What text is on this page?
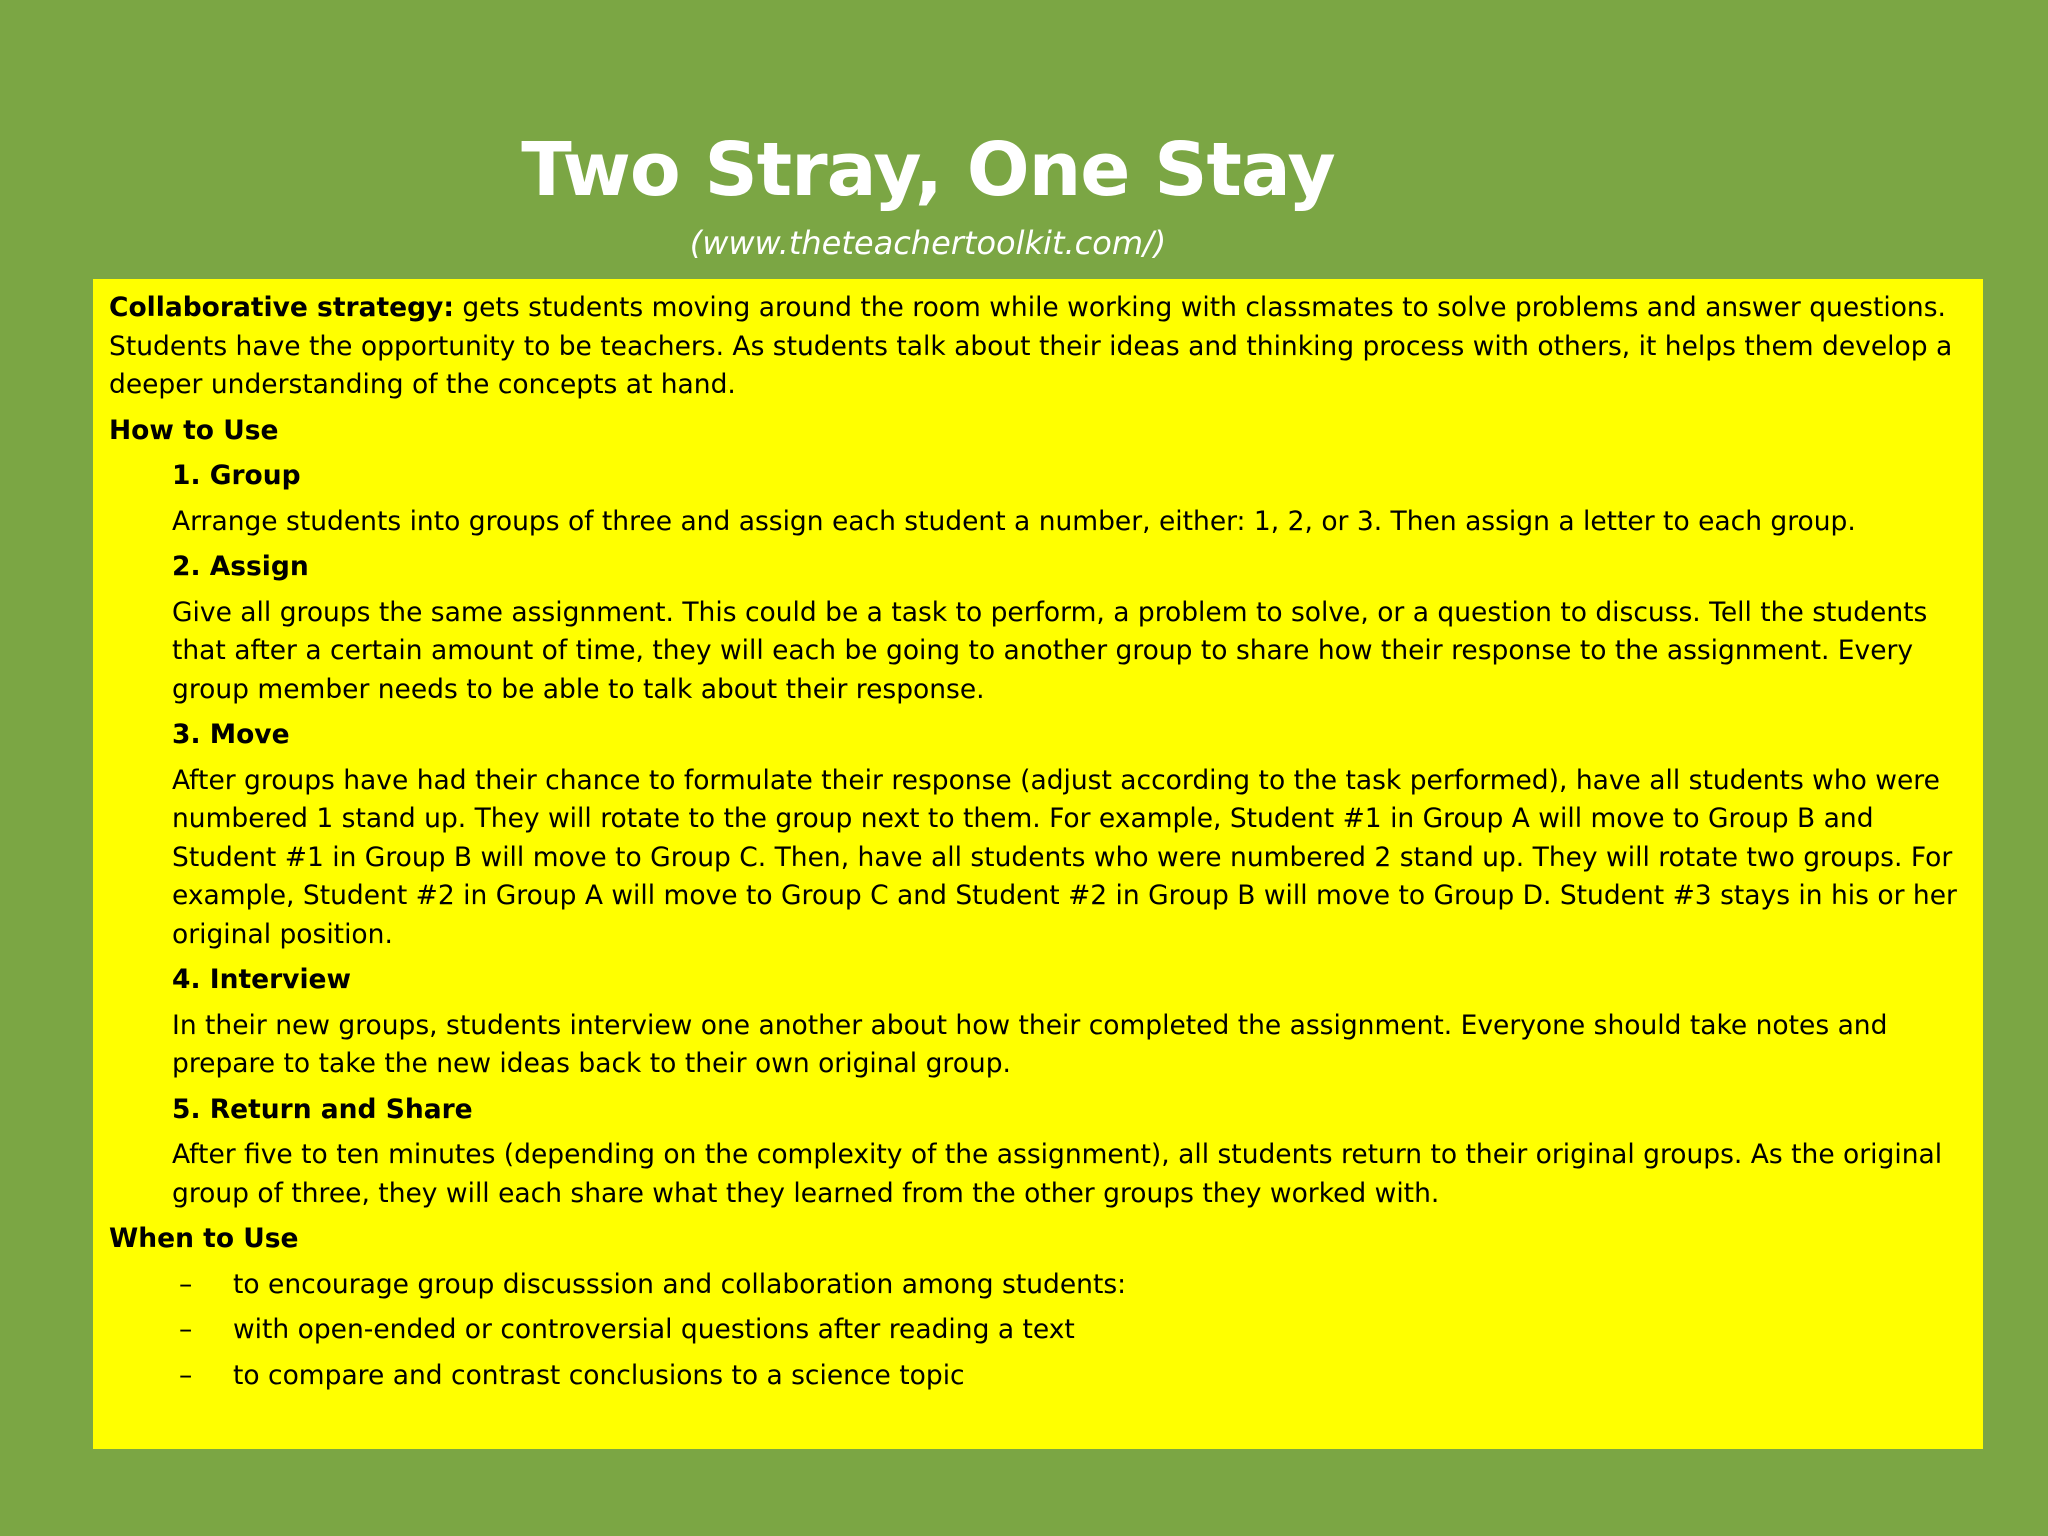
Two Stray, One Stay
(www.theteachertoolkit.com/)

Collaborative strategy: gets students moving around the room while working with classmates to solve problems and answer questions. Students have the opportunity to be teachers. As students talk about their ideas and thinking process with others, it helps them develop a deeper understanding of the concepts at hand.

How to Use
1. Group
Arrange students into groups of three and assign each student a number, either: 1, 2, or 3. Then assign a letter to each group.
2. Assign
Give all groups the same assignment. This could be a task to perform, a problem to solve, or a question to discuss. Tell the students that after a certain amount of time, they will each be going to another group to share how their response to the assignment. Every group member needs to be able to talk about their response.
3. Move
After groups have had their chance to formulate their response (adjust according to the task performed), have all students who were numbered 1 stand up. They will rotate to the group next to them. For example, Student #1 in Group A will move to Group B and Student #1 in Group B will move to Group C. Then, have all students who were numbered 2 stand up. They will rotate two groups. For example, Student #2 in Group A will move to Group C and Student #2 in Group B will move to Group D. Student #3 stays in his or her original position.
4. Interview
In their new groups, students interview one another about how their completed the assignment. Everyone should take notes and prepare to take the new ideas back to their own original group.
5. Return and Share
After five to ten minutes (depending on the complexity of the assignment), all students return to their original groups. As the original group of three, they will each share what they learned from the other groups they worked with.
When to Use
–	to encourage group discusssion and collaboration among students:
–	with open-ended or controversial questions after reading a text
–	to compare and contrast conclusions to a science topic
